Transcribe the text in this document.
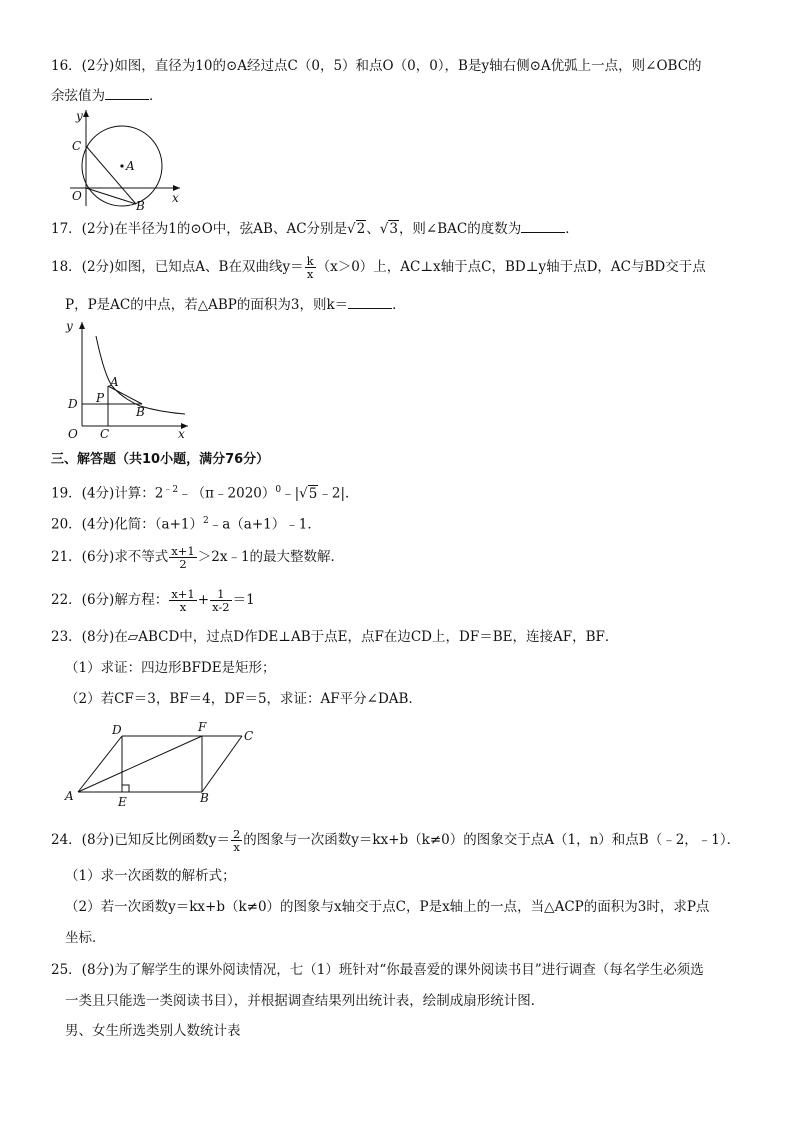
16．(2分)如图，直径为10的⊙A经过点C（0，5）和点O（0，0），B是y轴右侧⊙A优弧上一点，则∠OBC的
余弦值为	．
y
x
C
A
O
B
17．(2分)在半径为1的⊙O中，弦AB、AC分别是√2、√3，则∠BAC的度数为	．
18．(2分)如图，已知点A、B在双曲线$y= \frac{k}{x} (x>0)$上，AC⊥x轴于点C，BD⊥y轴于点D，AC与BD交于点
P，P是AC的中点，若△ABP的面积为3，则k＝	．
y
x
A
P
B
D
O C
三、解答题（共10小题，满分76分）
19．(4分)计算：$2^{﹣2}﹣(\pi﹣2020)^0﹣|√5﹣2|$．
20．(4分)化简：$(a+1)^2﹣a(a+1)﹣1$．
21．(6分)求不等式 $\frac{x+1}{2}$ ＞2x﹣1的最大整数解．
22．(6分)解方程： $\frac{x+1}{x} + \frac{1}{x-2} =1$
23．(8分)在▱ABCD中，过点D作DE⊥AB于点E，点F在边CD上，DF＝BE，连接AF，BF．
（1）求证：四边形BFDE是矩形；
（2）若CF＝3，BF＝4，DF＝5，求证：AF平分∠DAB．
D	F
C
A	E	B
24．(8分)已知反比例函数$y= \frac{2}{x}$ 的图象与一次函数y＝kx+b（k≠0）的图象交于点A（1，n）和点B（﹣2，﹣1）．
（1）求一次函数的解析式；
（2）若一次函数y＝kx+b（k≠0）的图象与x轴交于点C，P是x轴上的一点，当△ACP的面积为3时，求P点
坐标．
25．(8分)为了解学生的课外阅读情况，七（1）班针对“你最喜爱的课外阅读书目”进行调查（每名学生必须选
一类且只能选一类阅读书目），并根据调查结果列出统计表，绘制成扇形统计图．
男、女生所选类别人数统计表
